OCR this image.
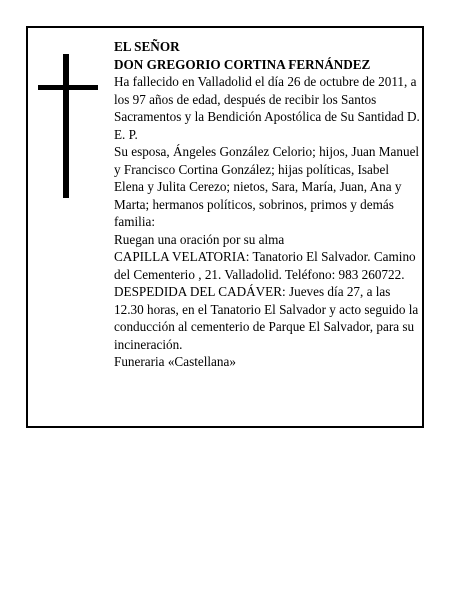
EL SEÑOR

DON GREGORIO CORTINA FERNÁNDEZ

Ha fallecido en Valladolid el día 26 de octubre de 2011, a los 97 años de edad, después de recibir los Santos Sacramentos y la Bendición Apostólica de Su Santidad D. E. P.

Su esposa, Ángeles González Celorio; hijos, Juan Manuel y Francisco Cortina González; hijas políticas, Isabel Elena y Julita Cerezo; nietos, Sara, María, Juan, Ana y Marta; hermanos políticos, sobrinos, primos y demás familia:

Ruegan una oración por su alma

CAPILLA VELATORIA: Tanatorio El Salvador. Camino del Cementerio , 21. Valladolid. Teléfono: 983 260722.

DESPEDIDA DEL CADÁVER: Jueves día 27, a las 12.30 horas, en el Tanatorio El Salvador y acto seguido la conducción al cementerio de Parque El Salvador, para su incineración.

Funeraria «Castellana»
